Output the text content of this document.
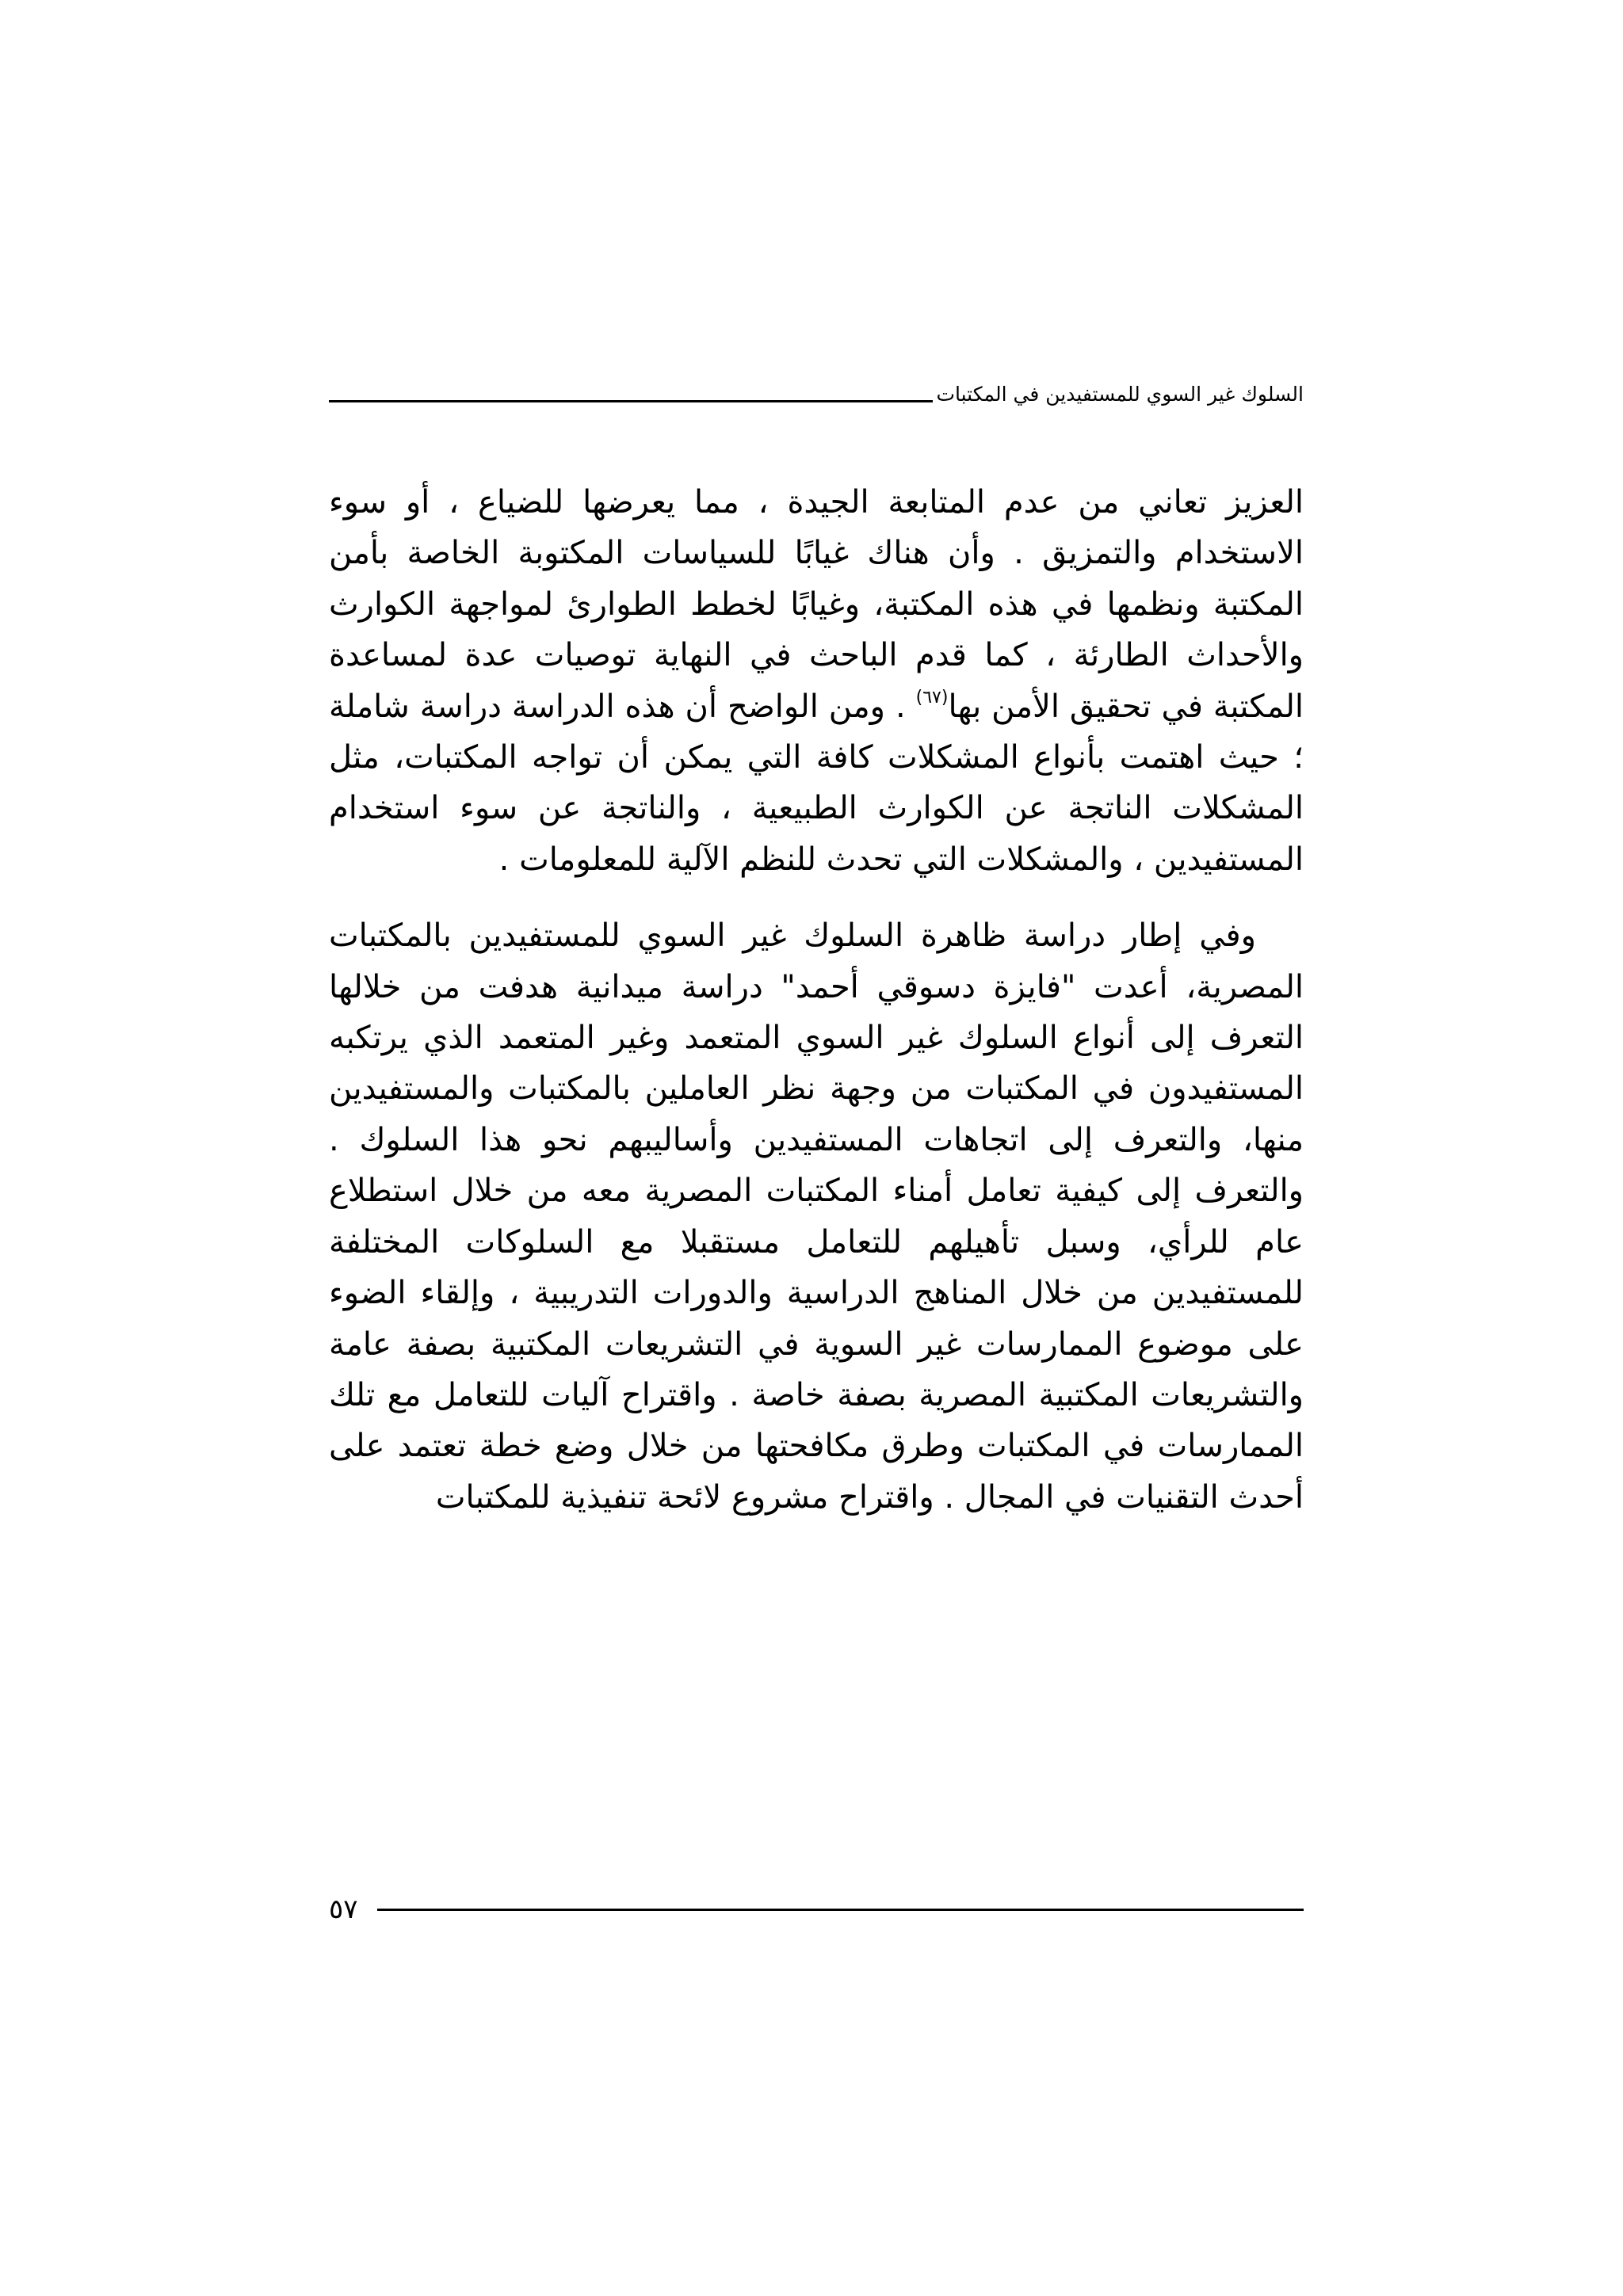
السلوك غير السوي للمستفيدين في المكتبات

العزيز تعاني من عدم المتابعة الجيدة ، مما يعرضها للضياع ، أو سوء الاستخدام والتمزيق . وأن هناك غيابًا للسياسات المكتوبة الخاصة بأمن المكتبة ونظمها في هذه المكتبة، وغيابًا لخطط الطوارئ لمواجهة الكوارث والأحداث الطارئة ، كما قدم الباحث في النهاية توصيات عدة لمساعدة المكتبة في تحقيق الأمن بها$^{(٦٧)}$ . ومن الواضح أن هذه الدراسة دراسة شاملة ؛ حيث اهتمت بأنواع المشكلات كافة التي يمكن أن تواجه المكتبات، مثل المشكلات الناتجة عن الكوارث الطبيعية ، والناتجة عن سوء استخدام المستفيدين ، والمشكلات التي تحدث للنظم الآلية للمعلومات .

وفي إطار دراسة ظاهرة السلوك غير السوي للمستفيدين بالمكتبات المصرية، أعدت "فايزة دسوقي أحمد" دراسة ميدانية هدفت من خلالها التعرف إلى أنواع السلوك غير السوي المتعمد وغير المتعمد الذي يرتكبه المستفيدون في المكتبات من وجهة نظر العاملين بالمكتبات والمستفيدين منها، والتعرف إلى اتجاهات المستفيدين وأساليبهم نحو هذا السلوك . والتعرف إلى كيفية تعامل أمناء المكتبات المصرية معه من خلال استطلاع عام للرأي، وسبل تأهيلهم للتعامل مستقبلا مع السلوكات المختلفة للمستفيدين من خلال المناهج الدراسية والدورات التدريبية ، وإلقاء الضوء على موضوع الممارسات غير السوية في التشريعات المكتبية بصفة عامة والتشريعات المكتبية المصرية بصفة خاصة . واقتراح آليات للتعامل مع تلك الممارسات في المكتبات وطرق مكافحتها من خلال وضع خطة تعتمد على أحدث التقنيات في المجال . واقتراح مشروع لائحة تنفيذية للمكتبات

٥٧
